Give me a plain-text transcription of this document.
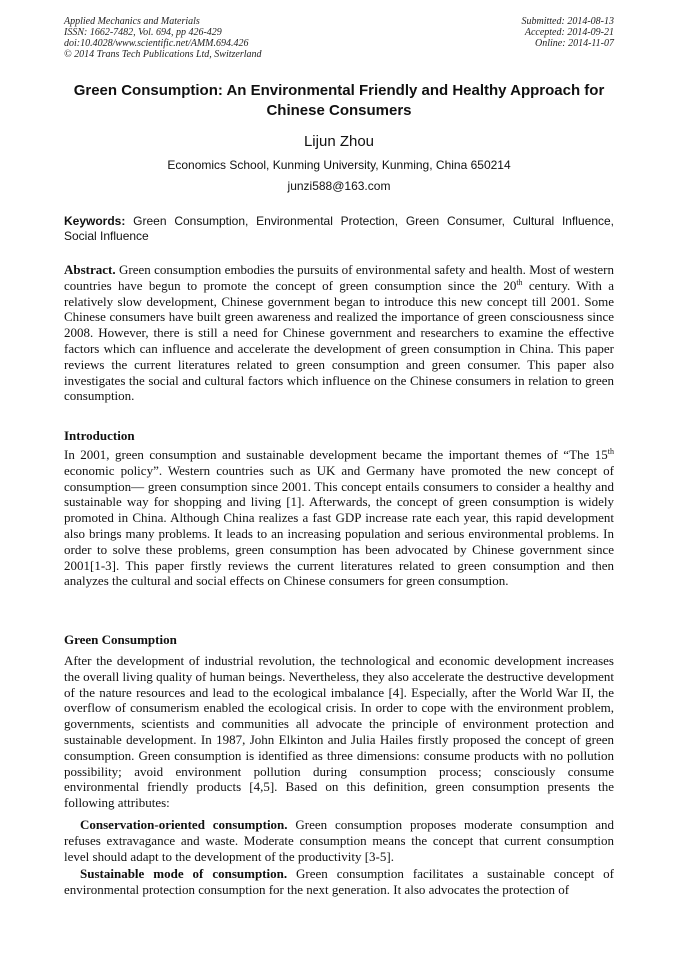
Applied Mechanics and Materials
ISSN: 1662-7482, Vol. 694, pp 426-429
doi:10.4028/www.scientific.net/AMM.694.426
© 2014 Trans Tech Publications Ltd, Switzerland
Submitted: 2014-08-13
Accepted: 2014-09-21
Online: 2014-11-07
Green Consumption: An Environmental Friendly and Healthy Approach for Chinese Consumers
Lijun Zhou
Economics School, Kunming University, Kunming, China 650214
junzi588@163.com
Keywords: Green Consumption, Environmental Protection, Green Consumer, Cultural Influence, Social Influence
Abstract. Green consumption embodies the pursuits of environmental safety and health. Most of western countries have begun to promote the concept of green consumption since the 20th century. With a relatively slow development, Chinese government began to introduce this new concept till 2001. Some Chinese consumers have built green awareness and realized the importance of green consciousness since 2008. However, there is still a need for Chinese government and researchers to examine the effective factors which can influence and accelerate the development of green consumption in China. This paper reviews the current literatures related to green consumption and green consumer. This paper also investigates the social and cultural factors which influence on the Chinese consumers in relation to green consumption.
Introduction
In 2001, green consumption and sustainable development became the important themes of “The 15th economic policy”. Western countries such as UK and Germany have promoted the new concept of consumption— green consumption since 2001. This concept entails consumers to consider a healthy and sustainable way for shopping and living [1]. Afterwards, the concept of green consumption is widely promoted in China. Although China realizes a fast GDP increase rate each year, this rapid development also brings many problems. It leads to an increasing population and serious environmental problems. In order to solve these problems, green consumption has been advocated by Chinese government since 2001[1-3]. This paper firstly reviews the current literatures related to green consumption and then analyzes the cultural and social effects on Chinese consumers for green consumption.
Green Consumption
After the development of industrial revolution, the technological and economic development increases the overall living quality of human beings. Nevertheless, they also accelerate the destructive development of the nature resources and lead to the ecological imbalance [4]. Especially, after the World War II, the overflow of consumerism enabled the ecological crisis. In order to cope with the environment problem, governments, scientists and communities all advocate the principle of environment protection and sustainable development. In 1987, John Elkinton and Julia Hailes firstly proposed the concept of green consumption. Green consumption is identified as three dimensions: consume products with no pollution possibility; avoid environment pollution during consumption process; consciously consume environmental friendly products [4,5]. Based on this definition, green consumption presents the following attributes:
Conservation-oriented consumption. Green consumption proposes moderate consumption and refuses extravagance and waste. Moderate consumption means the concept that current consumption level should adapt to the development of the productivity [3-5].
Sustainable mode of consumption. Green consumption facilitates a sustainable concept of environmental protection consumption for the next generation. It also advocates the protection of
